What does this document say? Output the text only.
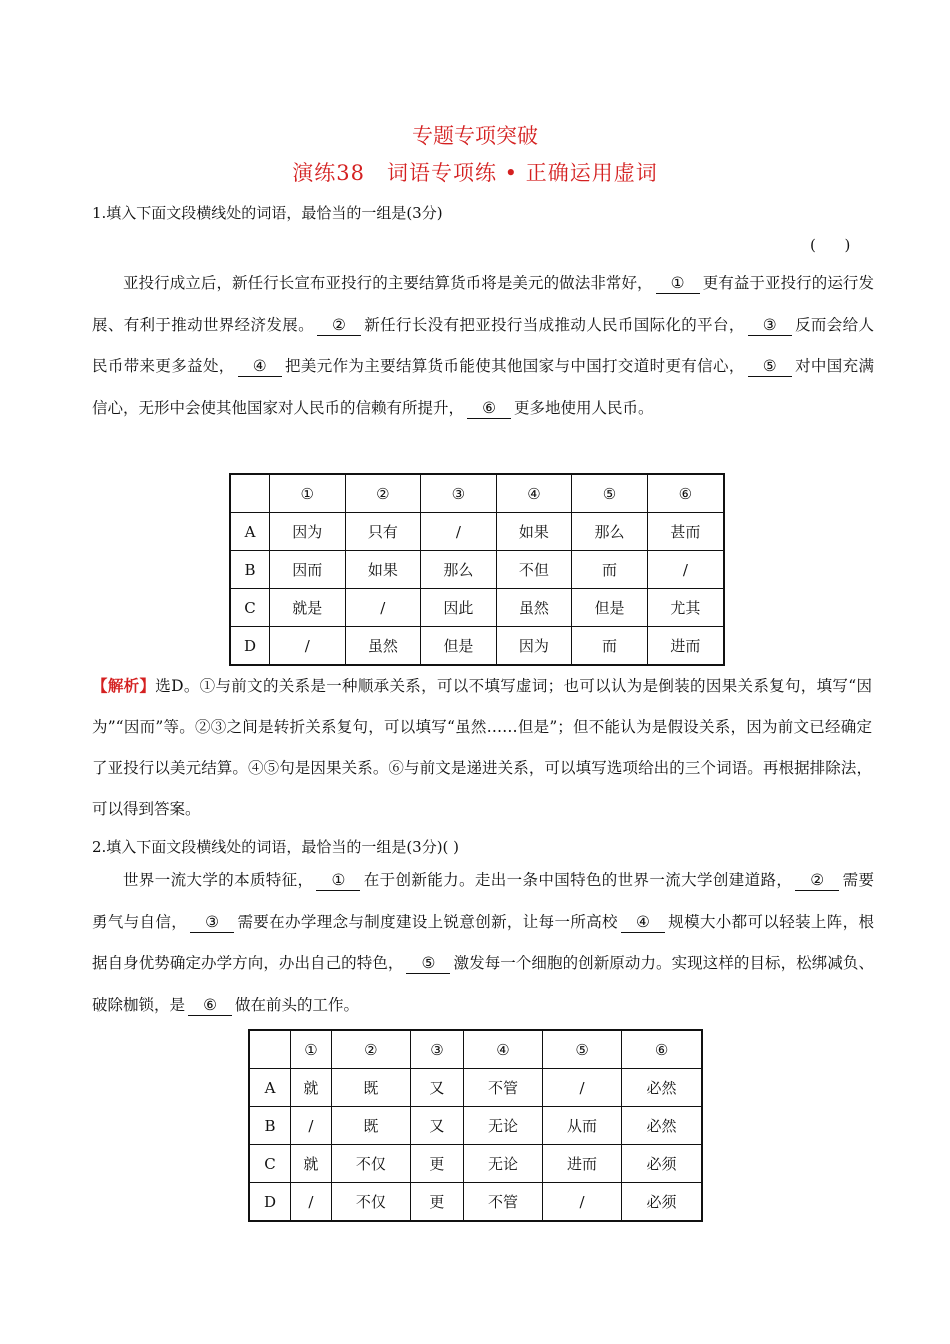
专题专项突破
演练38　词语专项练 • 正确运用虚词
1.填入下面文段横线处的词语，最恰当的一组是(3分)
(      )
亚投行成立后，新任行长宣布亚投行的主要结算货币将是美元的做法非常好， ① 更有益于亚投行的运行发展、有利于推动世界经济发展。 ② 新任行长没有把亚投行当成推动人民币国际化的平台， ③ 反而会给人民币带来更多益处， ④ 把美元作为主要结算货币能使其他国家与中国打交道时更有信心， ⑤ 对中国充满信心，无形中会使其他国家对人民币的信赖有所提升， ⑥ 更多地使用人民币。
	①	②	③	④	⑤	⑥
A	因为	只有	/	如果	那么	甚而
B	因而	如果	那么	不但	而	/
C	就是	/	因此	虽然	但是	尤其
D	/	虽然	但是	因为	而	进而
【解析】选D。①与前文的关系是一种顺承关系，可以不填写虚词；也可以认为是倒装的因果关系复句，填写“因为”“因而”等。②③之间是转折关系复句，可以填写“虽然……但是”；但不能认为是假设关系，因为前文已经确定了亚投行以美元结算。④⑤句是因果关系。⑥与前文是递进关系，可以填写选项给出的三个词语。再根据排除法，可以得到答案。
2.填入下面文段横线处的词语，最恰当的一组是(3分)( )
世界一流大学的本质特征， ① 在于创新能力。走出一条中国特色的世界一流大学创建道路， ② 需要勇气与自信， ③ 需要在办学理念与制度建设上锐意创新，让每一所高校 ④ 规模大小都可以轻装上阵，根据自身优势确定办学方向，办出自己的特色， ⑤ 激发每一个细胞的创新原动力。实现这样的目标，松绑减负、破除枷锁，是 ⑥ 做在前头的工作。
	①	②	③	④	⑤	⑥
A	就	既	又	不管	/	必然
B	/	既	又	无论	从而	必然
C	就	不仅	更	无论	进而	必须
D	/	不仅	更	不管	/	必须
